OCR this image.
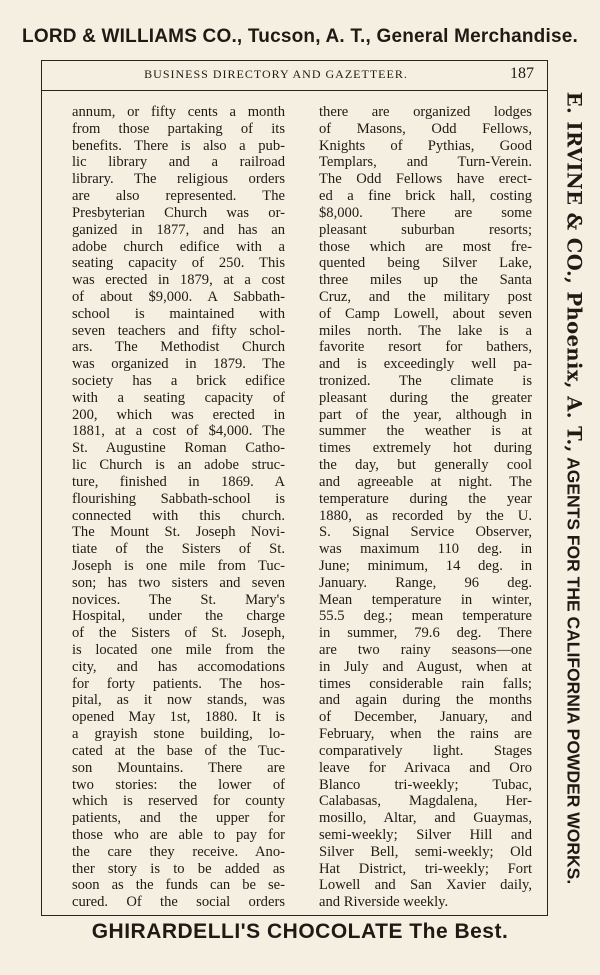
LORD & WILLIAMS CO., Tucson, A. T., General Merchandise.
BUSINESS DIRECTORY AND GAZETTEER.	187
annum, or fifty cents a month
from those partaking of its
benefits. There is also a pub-
lic library and a railroad
library. The religious orders
are also represented. The
Presbyterian Church was or-
ganized in 1877, and has an
adobe church edifice with a
seating capacity of 250. This
was erected in 1879, at a cost
of about $9,000. A Sabbath-
school is maintained with
seven teachers and fifty schol-
ars. The Methodist Church
was organized in 1879. The
society has a brick edifice
with a seating capacity of
200, which was erected in
1881, at a cost of $4,000. The
St. Augustine Roman Catho-
lic Church is an adobe struc-
ture, finished in 1869. A
flourishing Sabbath-school is
connected with this church.
The Mount St. Joseph Novi-
tiate of the Sisters of St.
Joseph is one mile from Tuc-
son; has two sisters and seven
novices. The St. Mary's
Hospital, under the charge
of the Sisters of St. Joseph,
is located one mile from the
city, and has accomodations
for forty patients. The hos-
pital, as it now stands, was
opened May 1st, 1880. It is
a grayish stone building, lo-
cated at the base of the Tuc-
son Mountains. There are
two stories: the lower of
which is reserved for county
patients, and the upper for
those who are able to pay for
the care they receive. Ano-
ther story is to be added as
soon as the funds can be se-
cured. Of the social orders
there are organized lodges
of Masons, Odd Fellows,
Knights of Pythias, Good
Templars, and Turn-Verein.
The Odd Fellows have erect-
ed a fine brick hall, costing
$8,000. There are some
pleasant suburban resorts;
those which are most fre-
quented being Silver Lake,
three miles up the Santa
Cruz, and the military post
of Camp Lowell, about seven
miles north. The lake is a
favorite resort for bathers,
and is exceedingly well pa-
tronized. The climate is
pleasant during the greater
part of the year, although in
summer the weather is at
times extremely hot during
the day, but generally cool
and agreeable at night. The
temperature during the year
1880, as recorded by the U.
S. Signal Service Observer,
was maximum 110 deg. in
June; minimum, 14 deg. in
January. Range, 96 deg.
Mean temperature in winter,
55.5 deg.; mean temperature
in summer, 79.6 deg. There
are two rainy seasons—one
in July and August, when at
times considerable rain falls;
and again during the months
of December, January, and
February, when the rains are
comparatively light. Stages
leave for Arivaca and Oro
Blanco tri-weekly; Tubac,
Calabasas, Magdalena, Her-
mosillo, Altar, and Guaymas,
semi-weekly; Silver Hill and
Silver Bell, semi-weekly; Old
Hat District, tri-weekly; Fort
Lowell and San Xavier daily,
and Riverside weekly.
E. IRVINE & CO., Phoenix, A. T., AGENTS FOR THE CALIFORNIA POWDER WORKS.
GHIRARDELLI'S CHOCOLATE The Best.
